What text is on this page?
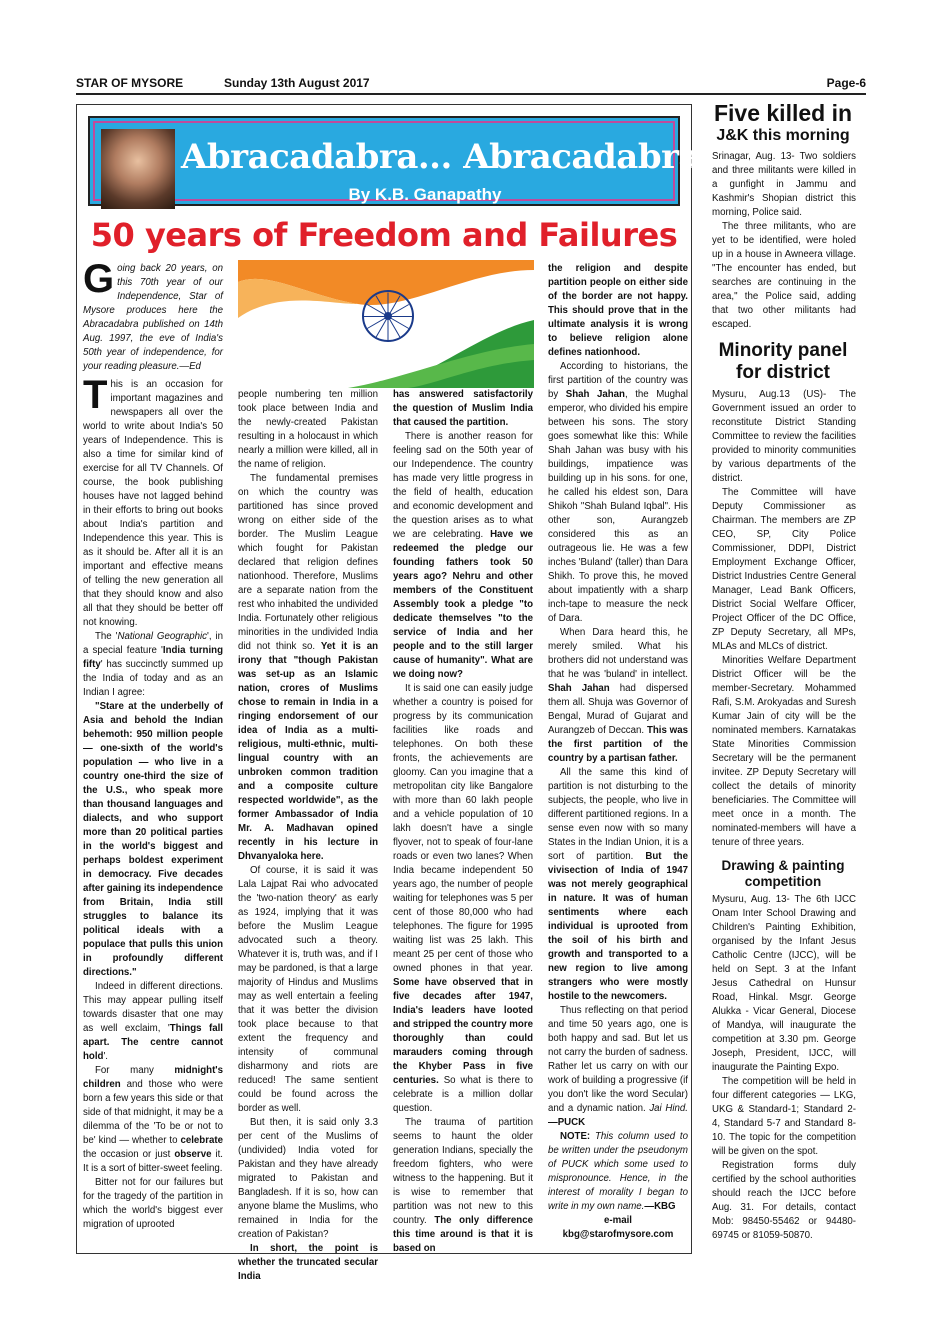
STAR OF MYSORE	Sunday 13th August 2017	Page-6
Abracadabra... Abracadabra...
By K.B. Ganapathy
50 years of Freedom and Failures

Going back 20 years, on this 70th year of our Independence, Star of Mysore produces here the Abracadabra published on 14th Aug. 1997, the eve of India's 50th year of independence, for your reading pleasure.—Ed

This is an occasion for important magazines and newspapers all over the world to write about India's 50 years of Independence. This is also a time for similar kind of exercise for all TV Channels. Of course, the book publishing houses have not lagged behind in their efforts to bring out books about India's partition and Independence this year. This is as it should be. After all it is an important and effective means of telling the new generation all that they should know and also all that they should be better off not knowing.

The 'National Geographic', in a special feature 'India turning fifty' has succinctly summed up the India of today and as an Indian I agree:

"Stare at the underbelly of Asia and behold the Indian behemoth: 950 million people — one-sixth of the world's population — who live in a country one-third the size of the U.S., who speak more than thousand languages and dialects, and who support more than 20 political parties in the world's biggest and perhaps boldest experiment in democracy. Five decades after gaining its independence from Britain, India still struggles to balance its political ideals with a populace that pulls this union in profoundly different directions."

Indeed in different directions. This may appear pulling itself towards disaster that one may as well exclaim, 'Things fall apart. The centre cannot hold'.

For many midnight's children and those who were born a few years this side or that side of that midnight, it may be a dilemma of the 'To be or not to be' kind — whether to celebrate the occasion or just observe it. It is a sort of bitter-sweet feeling.

Bitter not for our failures but for the tragedy of the partition in which the world's biggest ever migration of uprooted

people numbering ten million took place between India and the newly-created Pakistan resulting in a holocaust in which nearly a million were killed, all in the name of religion.

The fundamental premises on which the country was partitioned has since proved wrong on either side of the border. The Muslim League which fought for Pakistan declared that religion defines nationhood. Therefore, Muslims are a separate nation from the rest who inhabited the undivided India. Fortunately other religious minorities in the undivided India did not think so. Yet it is an irony that "though Pakistan was set-up as an Islamic nation, crores of Muslims chose to remain in India in a ringing endorsement of our idea of India as a multi-religious, multi-ethnic, multi-lingual country with an unbroken common tradition and a composite culture respected worldwide", as the former Ambassador of India Mr. A. Madhavan opined recently in his lecture in Dhvanyaloka here.

Of course, it is said it was Lala Lajpat Rai who advocated the 'two-nation theory' as early as 1924, implying that it was before the Muslim League advocated such a theory. Whatever it is, truth was, and if I may be pardoned, is that a large majority of Hindus and Muslims may as well entertain a feeling that it was better the division took place because to that extent the frequency and intensity of communal disharmony and riots are reduced! The same sentient could be found across the border as well.

But then, it is said only 3.3 per cent of the Muslims of (undivided) India voted for Pakistan and they have already migrated to Pakistan and Bangladesh. If it is so, how can anyone blame the Muslims, who remained in India for the creation of Pakistan?

In short, the point is whether the truncated secular India

has answered satisfactorily the question of Muslim India that caused the partition.

There is another reason for feeling sad on the 50th year of our Independence. The country has made very little progress in the field of health, education and economic development and the question arises as to what we are celebrating. Have we redeemed the pledge our founding fathers took 50 years ago? Nehru and other members of the Constituent Assembly took a pledge "to dedicate themselves "to the service of India and her people and to the still larger cause of humanity". What are we doing now?

It is said one can easily judge whether a country is poised for progress by its communication facilities like roads and telephones. On both these fronts, the achievements are gloomy. Can you imagine that a metropolitan city like Bangalore with more than 60 lakh people and a vehicle population of 10 lakh doesn't have a single flyover, not to speak of four-lane roads or even two lanes? When India became independent 50 years ago, the number of people waiting for telephones was 5 per cent of those 80,000 who had telephones. The figure for 1995 waiting list was 25 lakh. This meant 25 per cent of those who owned phones in that year. Some have observed that in five decades after 1947, India's leaders have looted and stripped the country more thoroughly than could marauders coming through the Khyber Pass in five centuries. So what is there to celebrate is a million dollar question.

The trauma of partition seems to haunt the older generation Indians, specially the freedom fighters, who were witness to the happening. But it is wise to remember that partition was not new to this country. The only difference this time around is that it is based on

the religion and despite partition people on either side of the border are not happy. This should prove that in the ultimate analysis it is wrong to believe religion alone defines nationhood.

According to historians, the first partition of the country was by Shah Jahan, the Mughal emperor, who divided his empire between his sons. The story goes somewhat like this: While Shah Jahan was busy with his buildings, impatience was building up in his sons. for one, he called his eldest son, Dara Shikoh "Shah Buland Iqbal". His other son, Aurangzeb considered this as an outrageous lie. He was a few inches 'Buland' (taller) than Dara Shikh. To prove this, he moved about impatiently with a sharp inch-tape to measure the neck of Dara.

When Dara heard this, he merely smiled. What his brothers did not understand was that he was 'buland' in intellect. Shah Jahan had dispersed them all. Shuja was Governor of Bengal, Murad of Gujarat and Aurangzeb of Deccan. This was the first partition of the country by a partisan father.

All the same this kind of partition is not disturbing to the subjects, the people, who live in different partitioned regions. In a sense even now with so many States in the Indian Union, it is a sort of partition. But the vivisection of India of 1947 was not merely geographical in nature. It was of human sentiments where each individual is uprooted from the soil of his birth and growth and transported to a new region to live among strangers who were mostly hostile to the newcomers.

Thus reflecting on that period and time 50 years ago, one is both happy and sad. But let us not carry the burden of sadness. Rather let us carry on with our work of building a progressive (if you don't like the word Secular) and a dynamic nation. Jai Hind.—PUCK

NOTE: This column used to be written under the pseudonym of PUCK which some used to mispronounce. Hence, in the interest of morality I began to write in my own name.—KBG

e-mail

kbg@starofmysore.com

Five killed in
J&K this morning

Srinagar, Aug. 13- Two soldiers and three militants were killed in a gunfight in Jammu and Kashmir's Shopian district this morning, Police said.

The three militants, who are yet to be identified, were holed up in a house in Awneera village. "The encounter has ended, but searches are continuing in the area," the Police said, adding that two other militants had escaped.

Minority panel for district

Mysuru, Aug.13 (US)- The Government issued an order to reconstitute District Standing Committee to review the facilities provided to minority communities by various departments of the district.

The Committee will have Deputy Commissioner as Chairman. The members are ZP CEO, SP, City Police Commissioner, DDPI, District Employment Exchange Officer, District Industries Centre General Manager, Lead Bank Officers, District Social Welfare Officer, Project Officer of the DC Office, ZP Deputy Secretary, all MPs, MLAs and MLCs of district.

Minorities Welfare Department District Officer will be the member-Secretary. Mohammed Rafi, S.M. Arokyadas and Suresh Kumar Jain of city will be the nominated members. Karnatakas State Minorities Commission Secretary will be the permanent invitee. ZP Deputy Secretary will collect the details of minority beneficiaries. The Committee will meet once in a month. The nominated-members will have a tenure of three years.

Drawing & painting competition

Mysuru, Aug. 13- The 6th IJCC Onam Inter School Drawing and Children's Painting Exhibition, organised by the Infant Jesus Catholic Centre (IJCC), will be held on Sept. 3 at the Infant Jesus Cathedral on Hunsur Road, Hinkal. Msgr. George Alukka - Vicar General, Diocese of Mandya, will inaugurate the competition at 3.30 pm. George Joseph, President, IJCC, will inaugurate the Painting Expo.

The competition will be held in four different categories — LKG, UKG & Standard-1; Standard 2-4, Standard 5-7 and Standard 8-10. The topic for the competition will be given on the spot.

Registration forms duly certified by the school authorities should reach the IJCC before Aug. 31. For details, contact Mob: 98450-55462 or 94480-69745 or 81059-50870.
